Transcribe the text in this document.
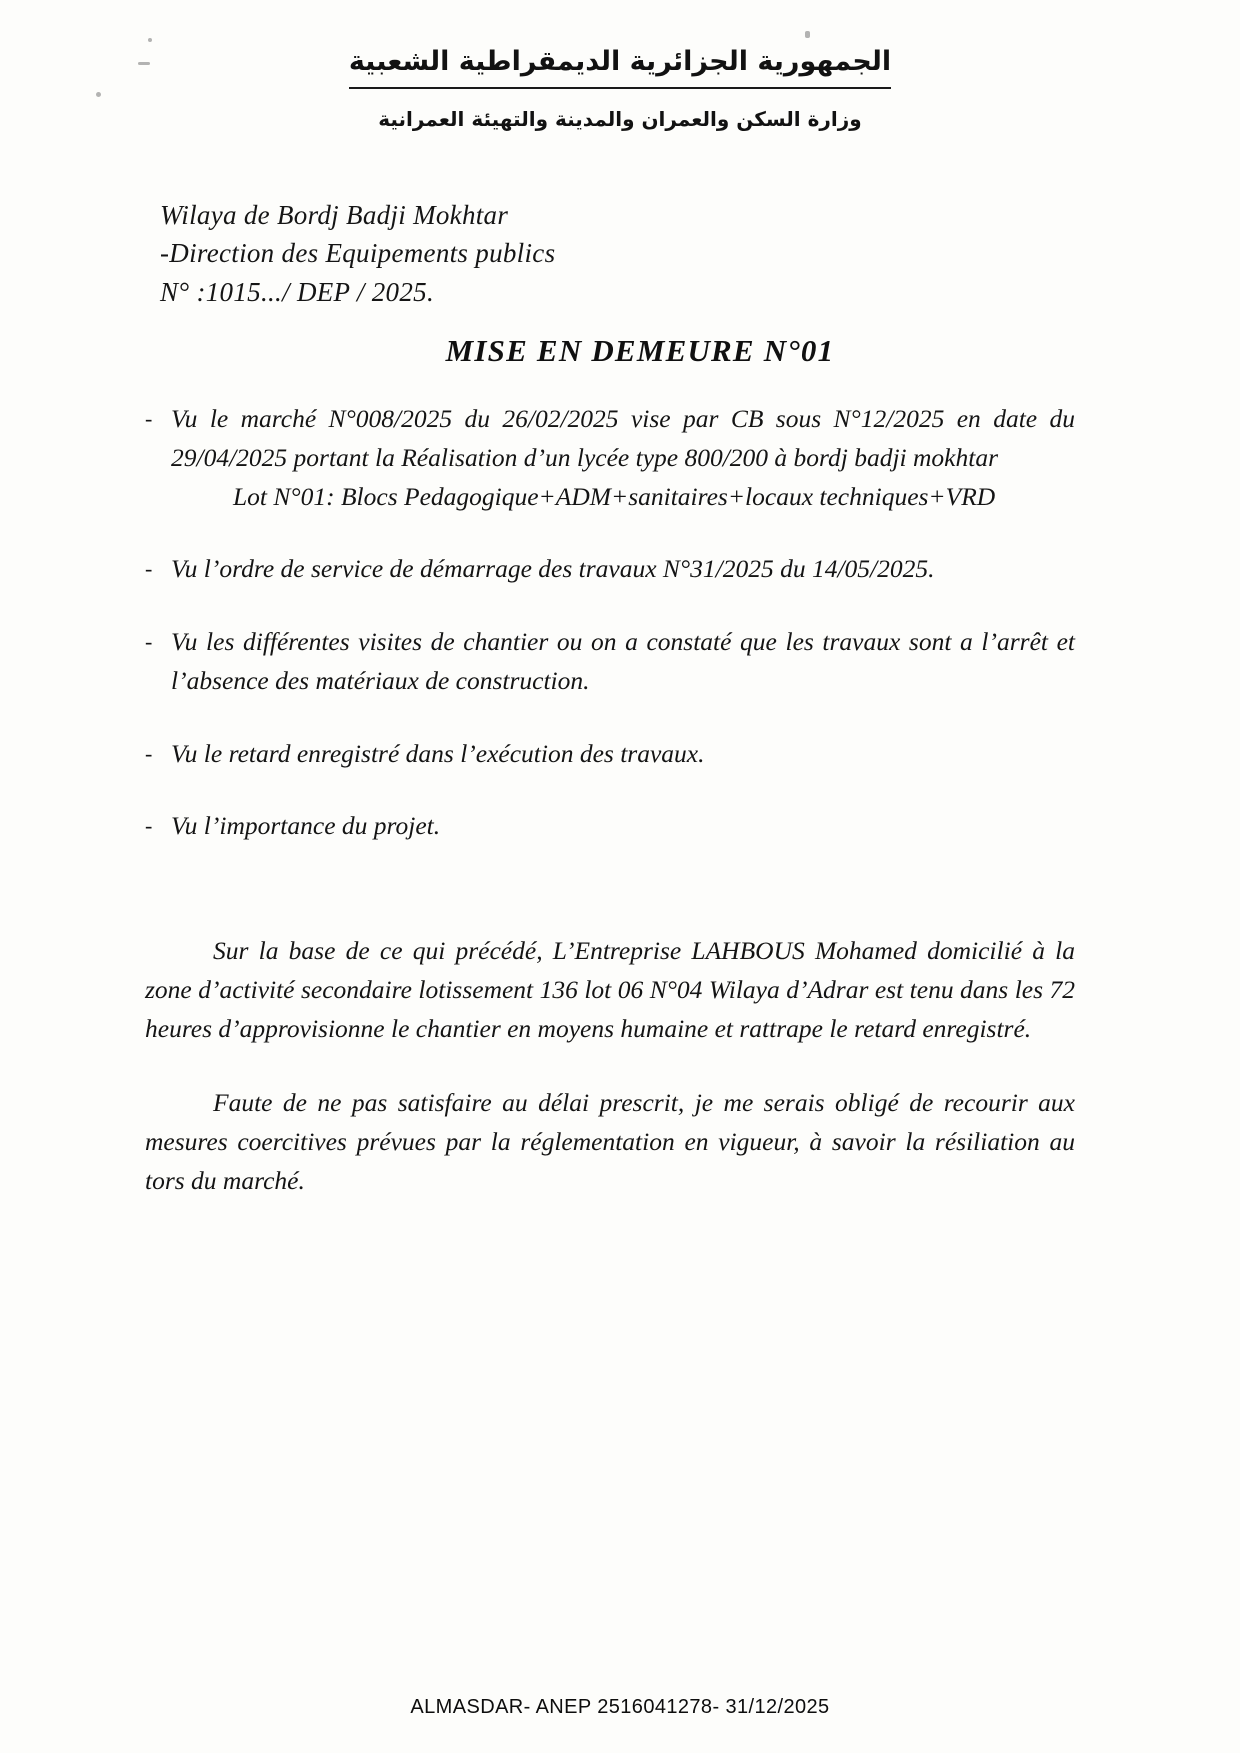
الجمهورية الجزائرية الديمقراطية الشعبية
وزارة السكن والعمران والمدينة والتهيئة العمرانية
Wilaya de Bordj Badji Mokhtar
-Direction des Equipements publics
N° :1015.../ DEP / 2025.
MISE EN DEMEURE N°01
- Vu le marché N°008/2025 du 26/02/2025 vise par CB sous N°12/2025 en date du 29/04/2025 portant la Réalisation d’un lycée type 800/200 à bordj badji mokhtar
Lot N°01: Blocs Pedagogique+ADM+sanitaires+locaux techniques+VRD
- Vu l’ordre de service de démarrage des travaux N°31/2025 du 14/05/2025.
- Vu les différentes visites de chantier ou on a constaté que les travaux sont a l’arrêt et l’absence des matériaux de construction.
- Vu le retard enregistré dans l’exécution des travaux.
- Vu l’importance du projet.
Sur la base de ce qui précédé, L’Entreprise LAHBOUS Mohamed domicilié à la zone d’activité secondaire lotissement 136 lot 06 N°04 Wilaya d’Adrar est tenu dans les 72 heures d’approvisionne le chantier en moyens humaine et rattrape le retard enregistré.
Faute de ne pas satisfaire au délai prescrit, je me serais obligé de recourir aux mesures coercitives prévues par la réglementation en vigueur, à savoir la résiliation au tors du marché.
ALMASDAR- ANEP 2516041278- 31/12/2025
